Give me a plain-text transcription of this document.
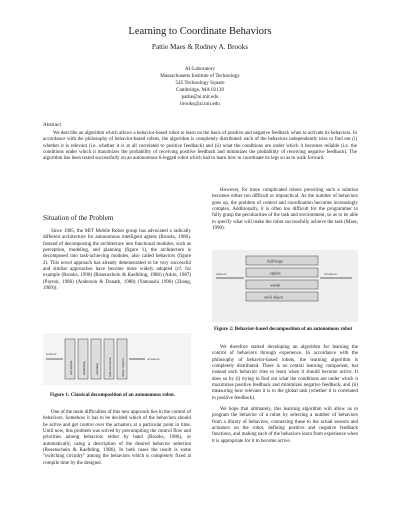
Learning to Coordinate Behaviors
Pattie Maes & Rodney A. Brooks
AI-Laboratory
Massachusetts Institute of Technology
545 Technology Square
Cambridge, MA 02139
pattie@ai.mit.edu
brooks@ai.mit.edu
Abstract
We describe an algorithm which allows a behavior-based robot to learn on the basis of positive and negative feedback when to activate its behaviors. In accordance with the philosophy of behavior-based robots, the algorithm is completely distributed: each of the behaviors independently tries to find out (i) whether it is relevant (i.e. whether it is at all correlated to positive feedback) and (ii) what the conditions are under which it becomes reliable (i.e. the conditions under which it maximizes the probability of receiving positive feedback and minimizes the probability of receiving negative feedback). The algorithm has been tested successfully on an autonomous 6-legged robot which had to learn how to coordinate its legs so as to walk forward.
Situation of the Problem

Since 1985, the MIT Mobile Robot group has advocated a radically different architecture for autonomous intelligent agents (Brooks, 1986). Instead of decomposing the architecture into functional modules, such as perception, modeling, and planning (figure 1), the architecture is decomposed into task-achieving modules, also called behaviors (figure 2). This novel approach has already demonstrated to be very successful and similar approaches have become more widely adopted (cf. for example (Brooks, 1990) (Rosenschein & Kaelbling, 1986) (Arkin, 1987) (Payton, 1986) (Anderson & Donath, 1988) (Yamaushi 1990) (Zhang, 1989)).

sensors
perception	modelling	planning	task execution	motor control	actuators
Figure 1: Classical decomposition of an autonomous robot.

One of the main difficulties of this new approach lies in the control of behaviors. Somehow it has to be decided which of the behaviors should be active and get control over the actuators at a particular point in time. Until now, this problem was solved by precompiling the control flow and priorities among behaviors either by hand (Brooks, 1986), or automatically, using a description of the desired behavior selection (Rosenschein & Kaelbling, 1986). In both cases the result is some "switching circuitry" among the behaviors which is completely fixed at compile time by the designer.

However, for more complicated robots prewiring such a solution becomes either too difficult or impractical. As the number of behaviors goes up, the problem of control and coordination becomes increasingly complex. Additionally, it is often too difficult for the programmer to fully grasp the peculiarities of the task and environment, so as to be able to specify what will make the robot successfully achieve the task (Maes, 1990).

build maps
explore
wander
avoid objects
sensors	actuators
Figure 2: Behavior-based decomposition of an autonomous robot

We therefore started developing an algorithm for learning the control of behaviors through experience. In accordance with the philosophy of behavior-based robots, the learning algorithm is completely distributed. There is no central learning component, but instead each behavior tries to learn when it should become active. It does so by (i) trying to find out what the conditions are under which it maximizes positive feedback and minimizes negative feedback, and (ii) measuring how relevant it is to the global task (whether it is correlated to positive feedback).

We hope that ultimately, this learning algorithm will allow us to program the behavior of a robot by selecting a number of behaviors from a library of behaviors, connecting these to the actual sensors and actuators on the robot, defining positive and negative feedback functions, and making each of the behaviors learn from experience when it is appropriate for it to become active.
